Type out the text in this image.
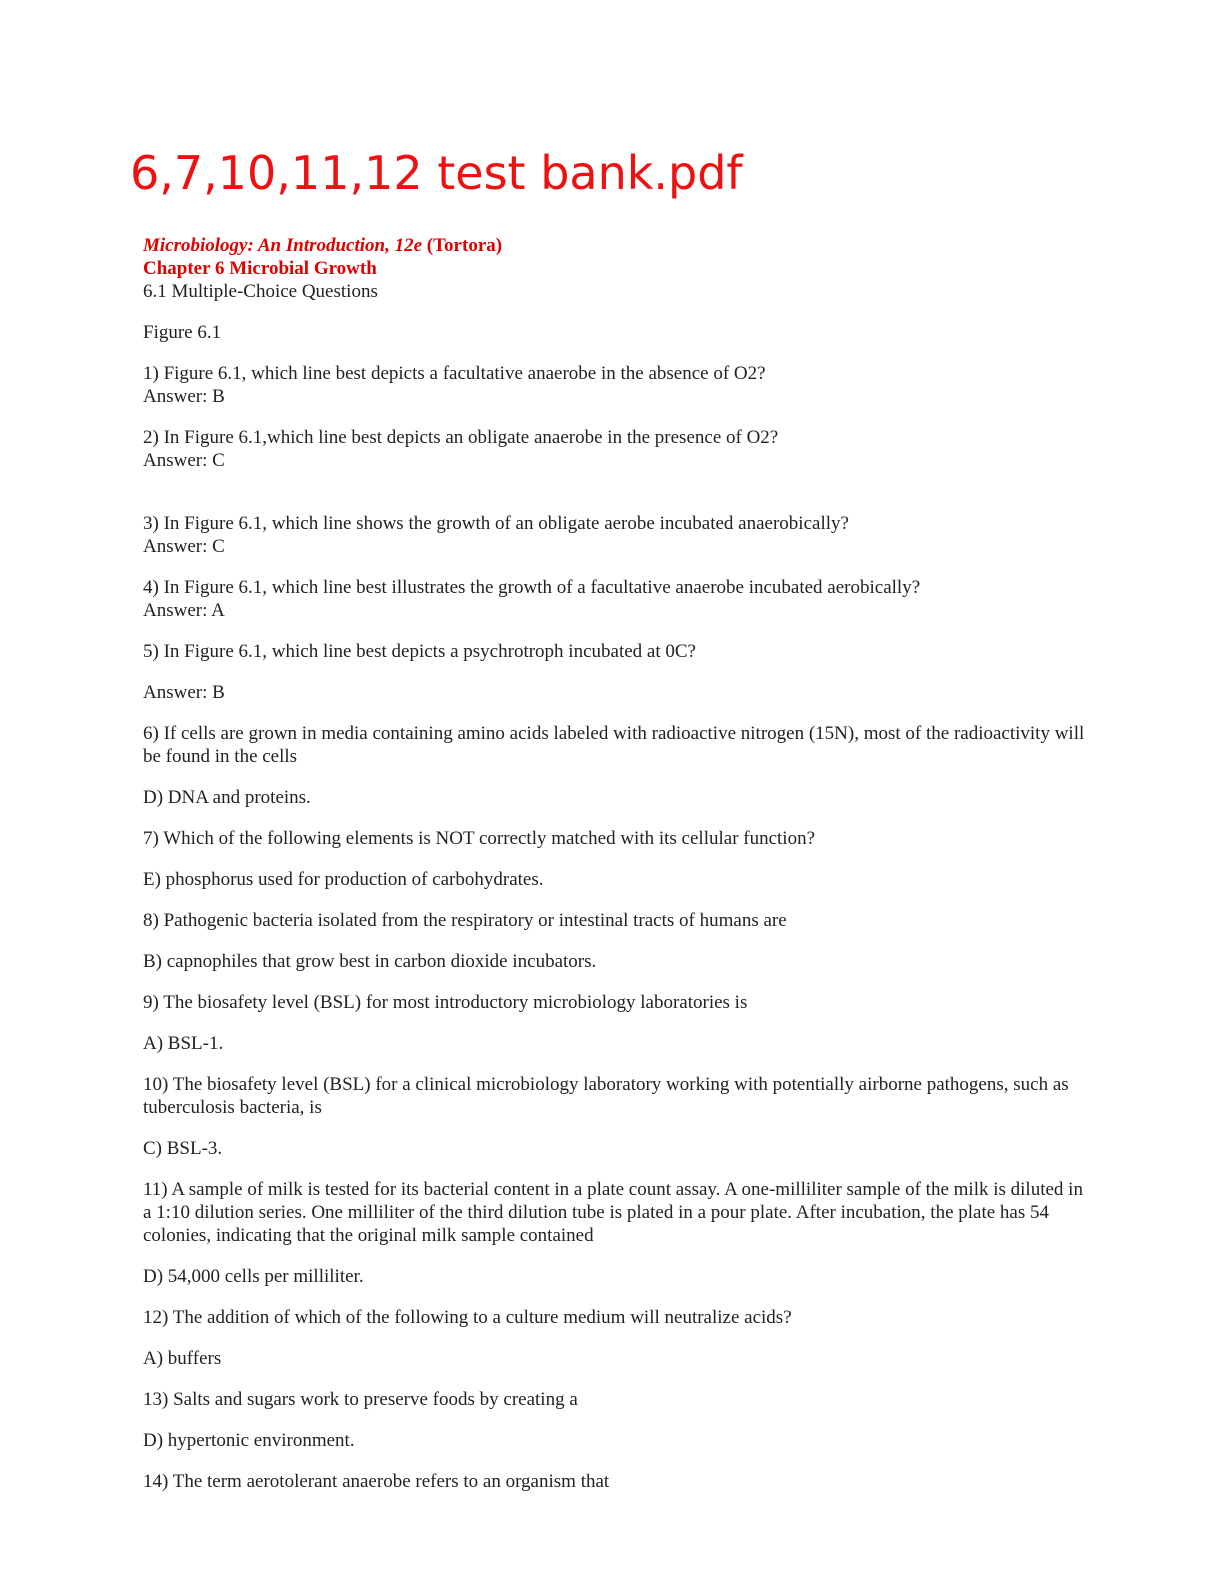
6,7,10,11,12 test bank.pdf

Microbiology: An Introduction, 12e (Tortora)

Chapter 6 Microbial Growth

6.1 Multiple-Choice Questions

Figure 6.1

1) Figure 6.1, which line best depicts a facultative anaerobe in the absence of O2?

Answer: B

2) In Figure 6.1,which line best depicts an obligate anaerobe in the presence of O2?

Answer: C

3) In Figure 6.1, which line shows the growth of an obligate aerobe incubated anaerobically?

Answer: C

4) In Figure 6.1, which line best illustrates the growth of a facultative anaerobe incubated aerobically?

Answer: A

5) In Figure 6.1, which line best depicts a psychrotroph incubated at 0C?

Answer: B

6) If cells are grown in media containing amino acids labeled with radioactive nitrogen (15N), most of the radioactivity will be found in the cells

D) DNA and proteins.

7) Which of the following elements is NOT correctly matched with its cellular function?

E) phosphorus used for production of carbohydrates.

8) Pathogenic bacteria isolated from the respiratory or intestinal tracts of humans are

B) capnophiles that grow best in carbon dioxide incubators.

9) The biosafety level (BSL) for most introductory microbiology laboratories is

A) BSL-1.

10) The biosafety level (BSL) for a clinical microbiology laboratory working with potentially airborne pathogens, such as tuberculosis bacteria, is

C) BSL-3.

11) A sample of milk is tested for its bacterial content in a plate count assay. A one-milliliter sample of the milk is diluted in a 1:10 dilution series. One milliliter of the third dilution tube is plated in a pour plate. After incubation, the plate has 54 colonies, indicating that the original milk sample contained

D) 54,000 cells per milliliter.

12) The addition of which of the following to a culture medium will neutralize acids?

A) buffers

13) Salts and sugars work to preserve foods by creating a

D) hypertonic environment.

14) The term aerotolerant anaerobe refers to an organism that
